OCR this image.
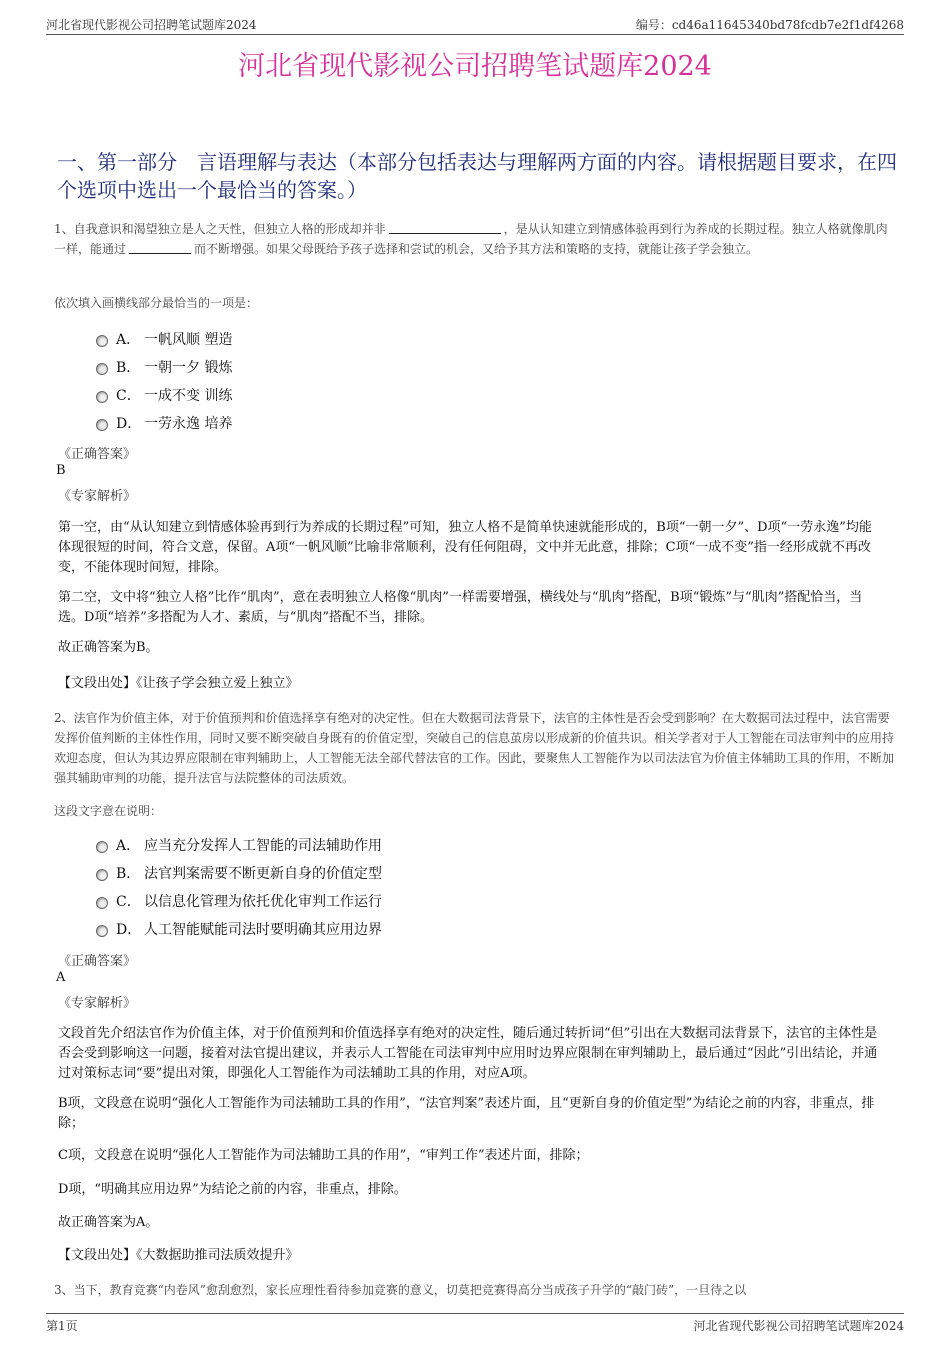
河北省现代影视公司招聘笔试题库2024	编号：cd46a11645340bd78fcdb7e2f1df4268
河北省现代影视公司招聘笔试题库2024
一、第一部分　言语理解与表达（本部分包括表达与理解两方面的内容。请根据题目要求，在四个选项中选出一个最恰当的答案。）
1、自我意识和渴望独立是人之天性，但独立人格的形成却并非	，是从认知建立到情感体验再到行为养成的长期过程。独立人格就像肌肉一样，能通过	而不断增强。如果父母既给予孩子选择和尝试的机会，又给予其方法和策略的支持，就能让孩子学会独立。
依次填入画横线部分最恰当的一项是：
A． 一帆风顺 塑造
B． 一朝一夕 锻炼
C． 一成不变 训练
D． 一劳永逸 培养
《正确答案》
B
《专家解析》
第一空，由“从认知建立到情感体验再到行为养成的长期过程”可知，独立人格不是简单快速就能形成的，B项“一朝一夕”、D项“一劳永逸”均能体现很短的时间，符合文意，保留。A项“一帆风顺”比喻非常顺利，没有任何阻碍，文中并无此意，排除；C项“一成不变”指一经形成就不再改变，不能体现时间短，排除。
第二空，文中将“独立人格”比作“肌肉”，意在表明独立人格像“肌肉”一样需要增强，横线处与“肌肉”搭配，B项“锻炼”与“肌肉”搭配恰当，当选。D项“培养”多搭配为人才、素质，与“肌肉”搭配不当，排除。
故正确答案为B。
【文段出处】《让孩子学会独立爱上独立》
2、法官作为价值主体，对于价值预判和价值选择享有绝对的决定性。但在大数据司法背景下，法官的主体性是否会受到影响？在大数据司法过程中，法官需要发挥价值判断的主体性作用，同时又要不断突破自身既有的价值定型，突破自己的信息茧房以形成新的价值共识。相关学者对于人工智能在司法审判中的应用持欢迎态度，但认为其边界应限制在审判辅助上，人工智能无法全部代替法官的工作。因此，要聚焦人工智能作为以司法法官为价值主体辅助工具的作用，不断加强其辅助审判的功能，提升法官与法院整体的司法质效。
这段文字意在说明：
A． 应当充分发挥人工智能的司法辅助作用
B． 法官判案需要不断更新自身的价值定型
C． 以信息化管理为依托优化审判工作运行
D． 人工智能赋能司法时要明确其应用边界
《正确答案》
A
《专家解析》
文段首先介绍法官作为价值主体，对于价值预判和价值选择享有绝对的决定性，随后通过转折词“但”引出在大数据司法背景下，法官的主体性是否会受到影响这一问题，接着对法官提出建议，并表示人工智能在司法审判中应用时边界应限制在审判辅助上，最后通过“因此”引出结论，并通过对策标志词“要”提出对策，即强化人工智能作为司法辅助工具的作用，对应A项。
B项，文段意在说明“强化人工智能作为司法辅助工具的作用”，“法官判案”表述片面，且“更新自身的价值定型”为结论之前的内容，非重点，排除；
C项，文段意在说明“强化人工智能作为司法辅助工具的作用”，“审判工作”表述片面，排除；
D项，“明确其应用边界”为结论之前的内容，非重点，排除。
故正确答案为A。
【文段出处】《大数据助推司法质效提升》
3、当下，教育竞赛“内卷风”愈刮愈烈，家长应理性看待参加竞赛的意义，切莫把竞赛得高分当成孩子升学的“敲门砖”，一旦待之以
第1页	河北省现代影视公司招聘笔试题库2024
